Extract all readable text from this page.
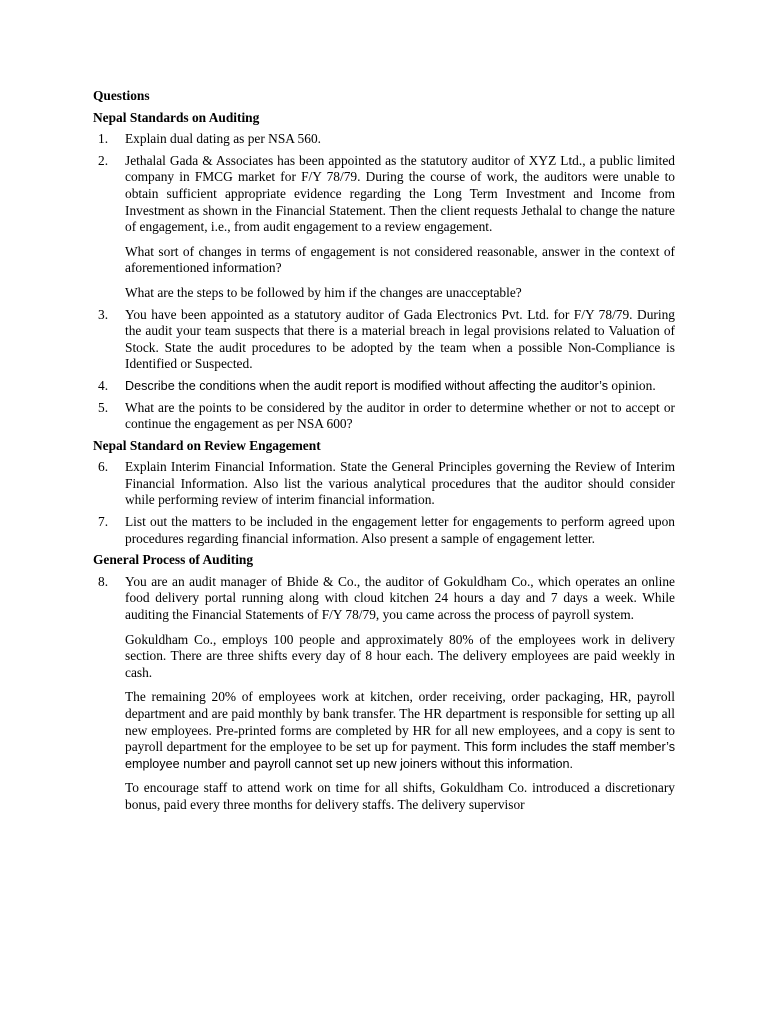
Questions
Nepal Standards on Auditing
1. Explain dual dating as per NSA 560.
2. Jethalal Gada & Associates has been appointed as the statutory auditor of XYZ Ltd., a public limited company in FMCG market for F/Y 78/79. During the course of work, the auditors were unable to obtain sufficient appropriate evidence regarding the Long Term Investment and Income from Investment as shown in the Financial Statement. Then the client requests Jethalal to change the nature of engagement, i.e., from audit engagement to a review engagement.
What sort of changes in terms of engagement is not considered reasonable, answer in the context of aforementioned information?
What are the steps to be followed by him if the changes are unacceptable?
3. You have been appointed as a statutory auditor of Gada Electronics Pvt. Ltd. for F/Y 78/79. During the audit your team suspects that there is a material breach in legal provisions related to Valuation of Stock. State the audit procedures to be adopted by the team when a possible Non-Compliance is Identified or Suspected.
4. Describe the conditions when the audit report is modified without affecting the auditor’s opinion.
5. What are the points to be considered by the auditor in order to determine whether or not to accept or continue the engagement as per NSA 600?
Nepal Standard on Review Engagement
6. Explain Interim Financial Information. State the General Principles governing the Review of Interim Financial Information. Also list the various analytical procedures that the auditor should consider while performing review of interim financial information.
7. List out the matters to be included in the engagement letter for engagements to perform agreed upon procedures regarding financial information. Also present a sample of engagement letter.
General Process of Auditing
8. You are an audit manager of Bhide & Co., the auditor of Gokuldham Co., which operates an online food delivery portal running along with cloud kitchen 24 hours a day and 7 days a week. While auditing the Financial Statements of F/Y 78/79, you came across the process of payroll system.
Gokuldham Co., employs 100 people and approximately 80% of the employees work in delivery section. There are three shifts every day of 8 hour each. The delivery employees are paid weekly in cash.
The remaining 20% of employees work at kitchen, order receiving, order packaging, HR, payroll department and are paid monthly by bank transfer. The HR department is responsible for setting up all new employees. Pre-printed forms are completed by HR for all new employees, and a copy is sent to payroll department for the employee to be set up for payment. This form includes the staff member’s employee number and payroll cannot set up new joiners without this information.
To encourage staff to attend work on time for all shifts, Gokuldham Co. introduced a discretionary bonus, paid every three months for delivery staffs. The delivery supervisor
